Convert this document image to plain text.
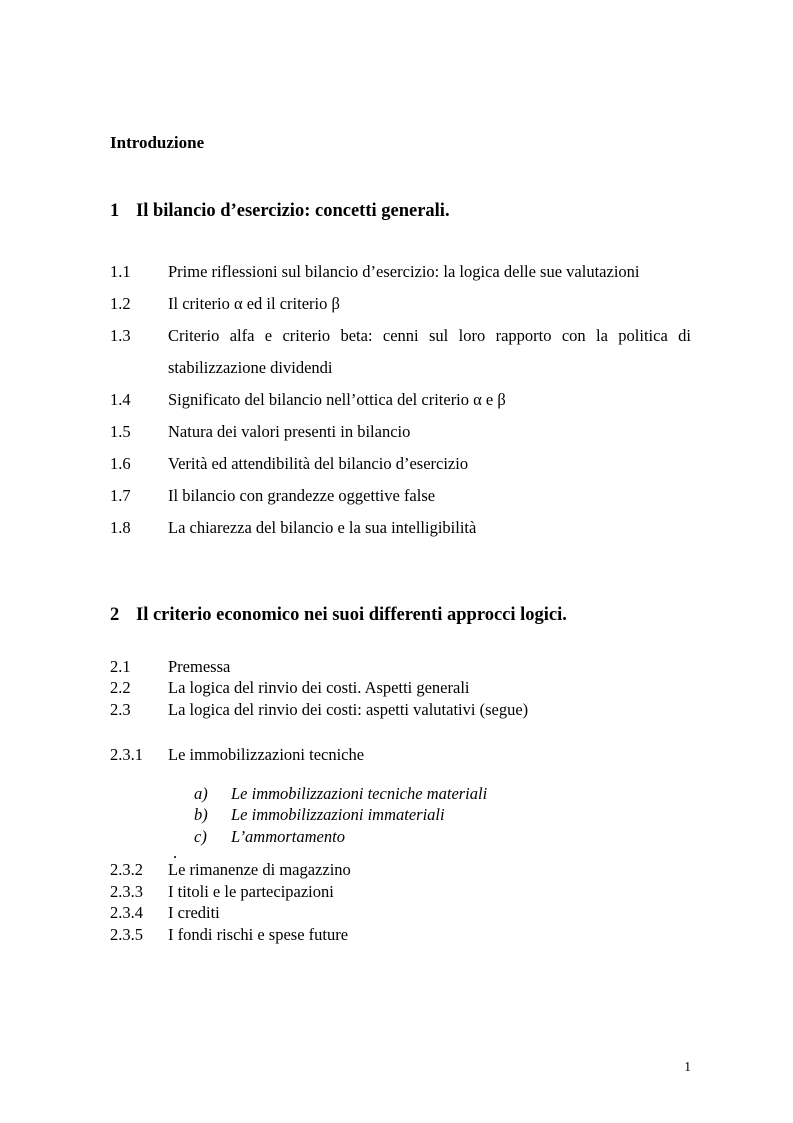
Introduzione
1 Il bilancio d’esercizio: concetti generali.
1.1	Prime riflessioni sul bilancio d’esercizio: la logica delle sue valutazioni
1.2	Il criterio α ed il criterio β
1.3	Criterio alfa e criterio beta: cenni sul loro rapporto con la politica di stabilizzazione dividendi
1.4	Significato del bilancio nell’ottica del criterio α e β
1.5	Natura dei valori presenti in bilancio
1.6	Verità ed attendibilità del bilancio d’esercizio
1.7	Il bilancio con grandezze oggettive false
1.8	La chiarezza del bilancio e la sua intelligibilità
2 Il criterio economico nei suoi differenti approcci logici.
2.1	Premessa
2.2	La logica del rinvio dei costi. Aspetti generali
2.3	La logica del rinvio dei costi: aspetti valutativi (segue)
2.3.1	Le immobilizzazioni tecniche
a)	Le immobilizzazioni tecniche materiali
b)	Le immobilizzazioni immateriali
c)	L’ammortamento
.
2.3.2	Le rimanenze di magazzino
2.3.3	I titoli e le partecipazioni
2.3.4	I crediti
2.3.5	I fondi rischi e spese future
1
